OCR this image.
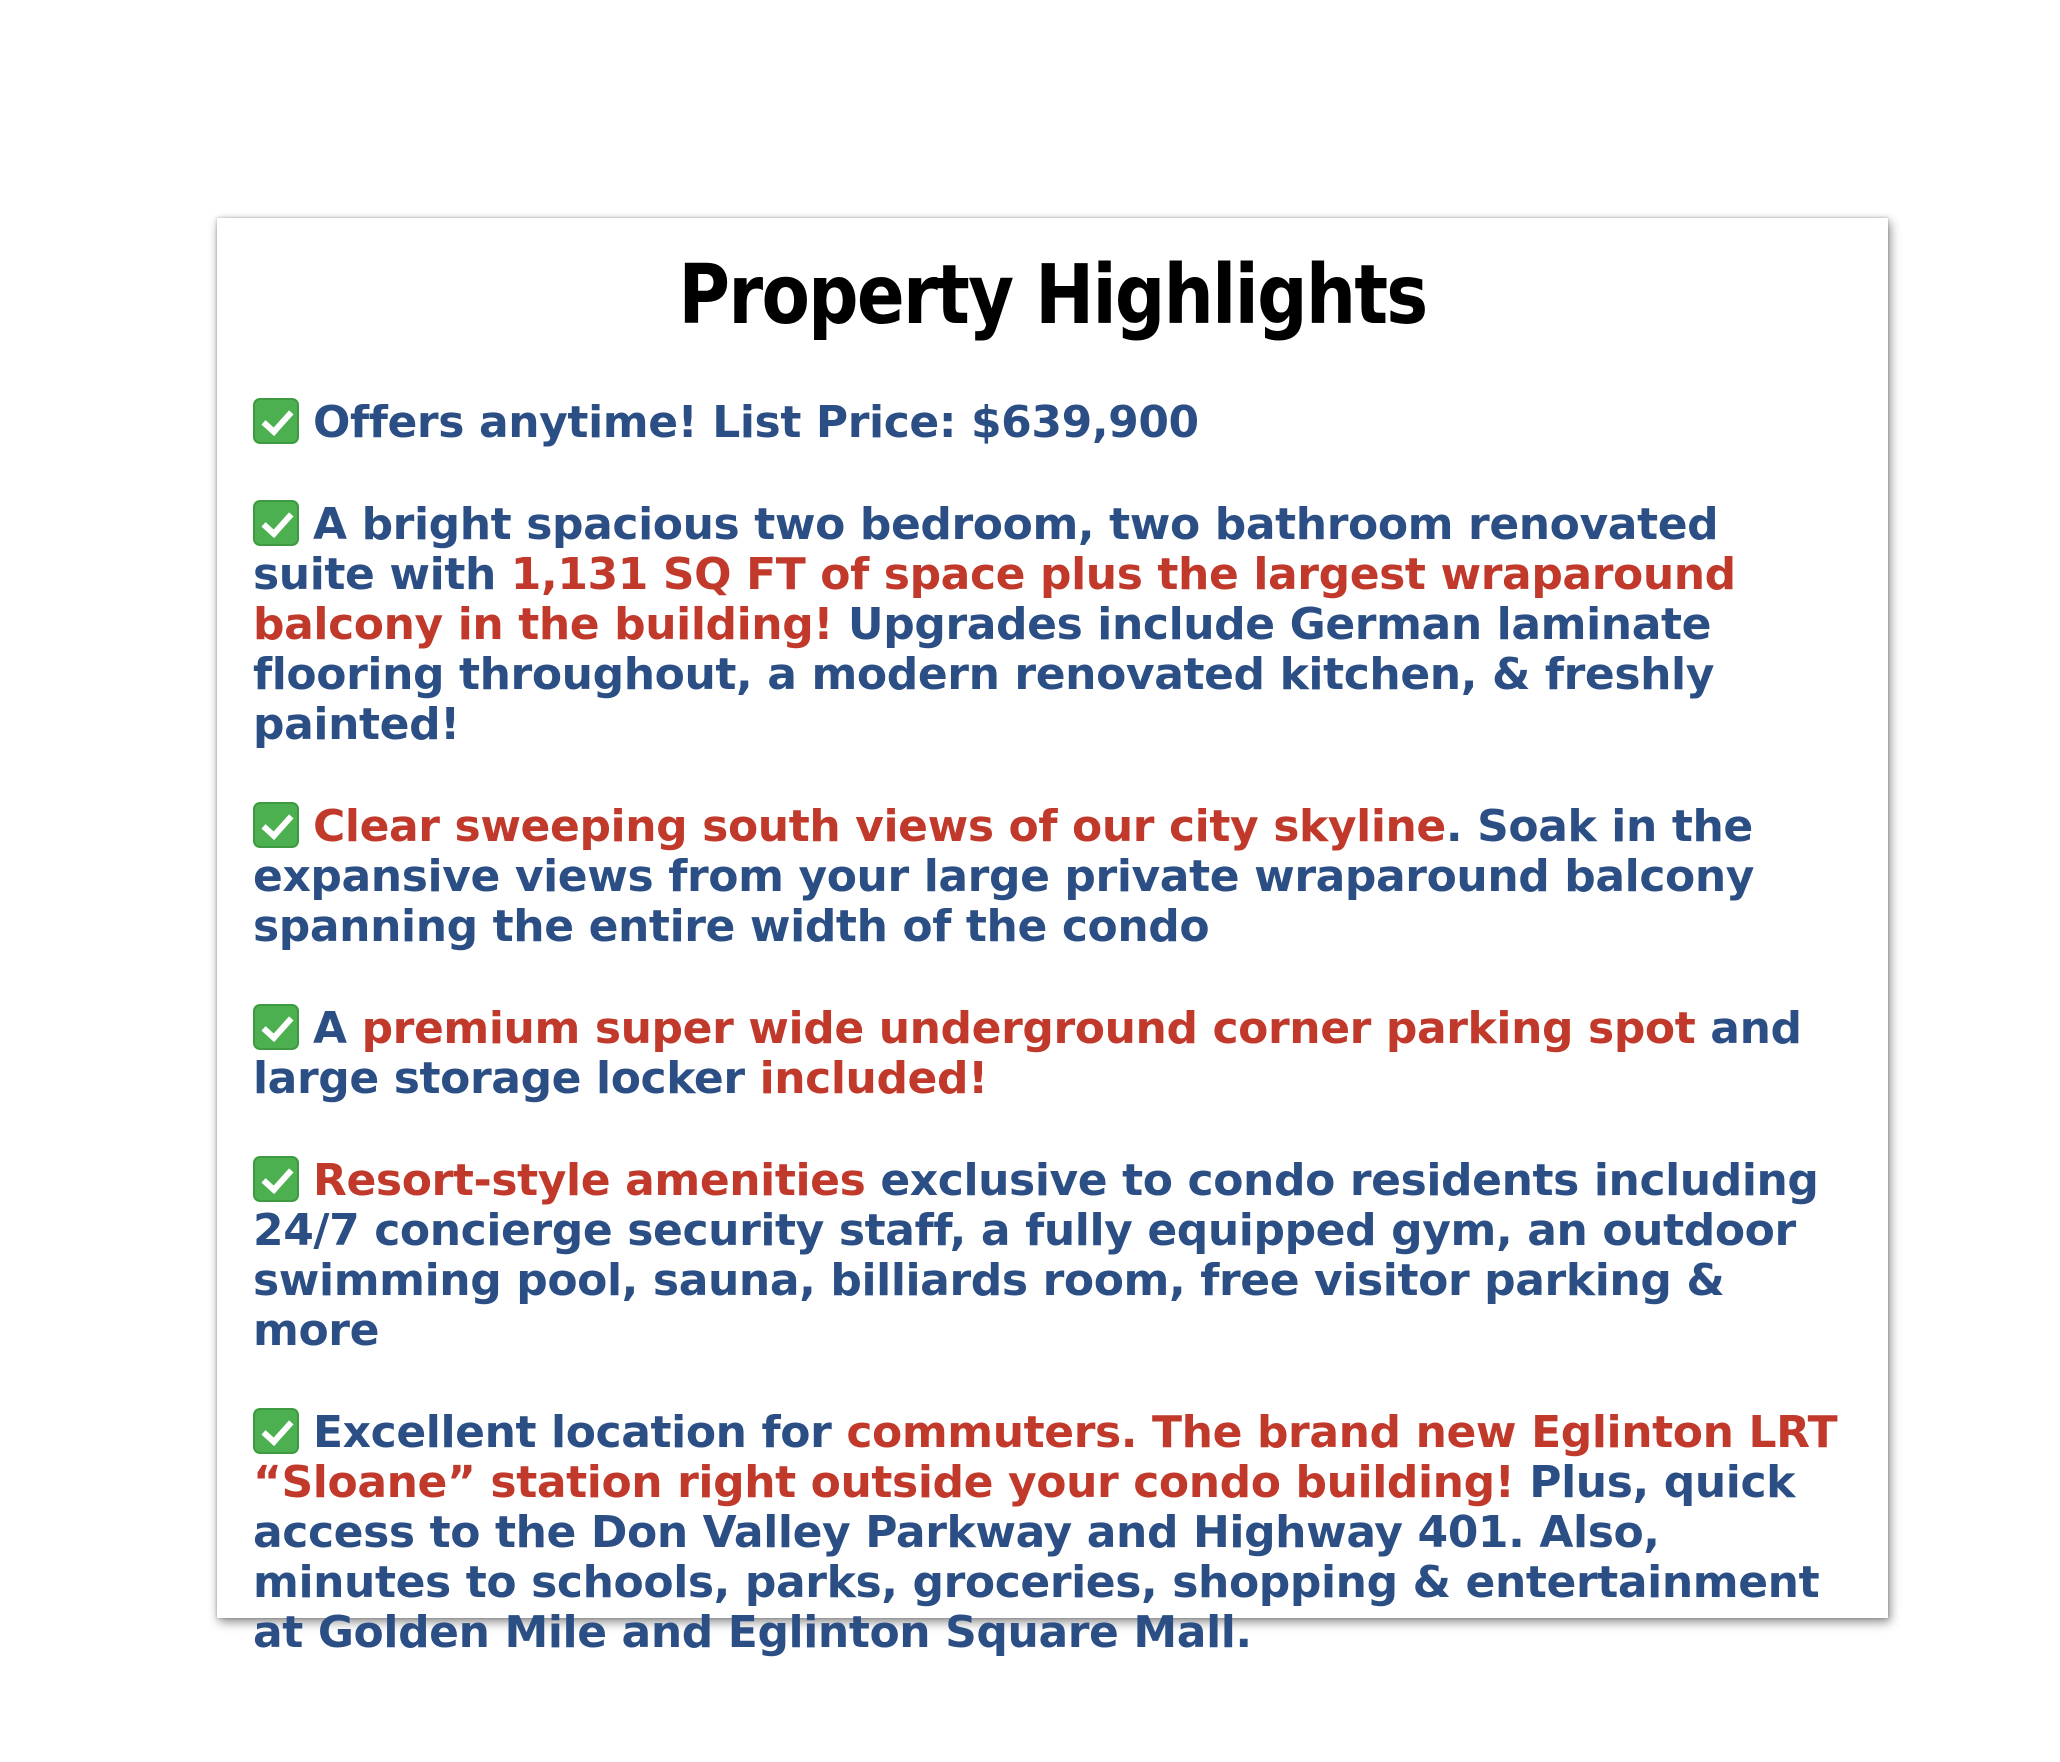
Property Highlights
Offers anytime! List Price: $639,900
A bright spacious two bedroom, two bathroom renovated suite with 1,131 SQ FT of space plus the largest wraparound balcony in the building! Upgrades include German laminate flooring throughout, a modern renovated kitchen, & freshly painted!
Clear sweeping south views of our city skyline. Soak in the expansive views from your large private wraparound balcony spanning the entire width of the condo
A premium super wide underground corner parking spot and large storage locker included!
Resort-style amenities exclusive to condo residents including 24/7 concierge security staff, a fully equipped gym, an outdoor swimming pool, sauna, billiards room, free visitor parking & more
Excellent location for commuters. The brand new Eglinton LRT “Sloane” station right outside your condo building! Plus, quick access to the Don Valley Parkway and Highway 401. Also, minutes to schools, parks, groceries, shopping & entertainment at Golden Mile and Eglinton Square Mall.
